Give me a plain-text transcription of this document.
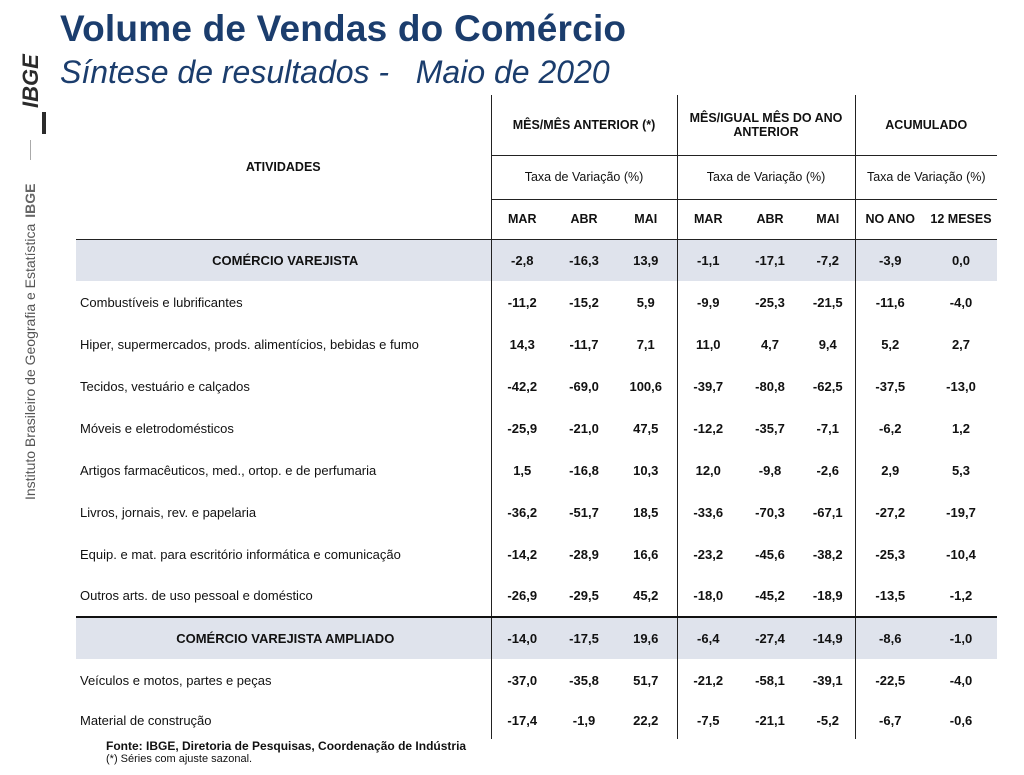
IBGE
Instituto Brasileiro de Geografia e EstatísticaIBGE
Volume de Vendas do Comércio
Síntese de resultados -   Maio de 2020
ATIVIDADES	MÊS/MÊS ANTERIOR (*)			MÊS/IGUAL MÊS DO ANO ANTERIOR			ACUMULADO	
	Taxa de Variação (%)			Taxa de Variação (%)			Taxa de Variação (%)	
	MAR	ABR	MAI	MAR	ABR	MAI	NO ANO	12 MESES
COMÉRCIO VAREJISTA	-2,8	-16,3	13,9	-1,1	-17,1	-7,2	-3,9	0,0
Combustíveis e lubrificantes	-11,2	-15,2	5,9	-9,9	-25,3	-21,5	-11,6	-4,0
Hiper, supermercados, prods. alimentícios, bebidas e fumo	14,3	-11,7	7,1	11,0	4,7	9,4	5,2	2,7
Tecidos, vestuário e calçados	-42,2	-69,0	100,6	-39,7	-80,8	-62,5	-37,5	-13,0
Móveis e eletrodomésticos	-25,9	-21,0	47,5	-12,2	-35,7	-7,1	-6,2	1,2
Artigos farmacêuticos, med., ortop. e de perfumaria	1,5	-16,8	10,3	12,0	-9,8	-2,6	2,9	5,3
Livros, jornais, rev. e papelaria	-36,2	-51,7	18,5	-33,6	-70,3	-67,1	-27,2	-19,7
Equip. e mat. para escritório informática e comunicação	-14,2	-28,9	16,6	-23,2	-45,6	-38,2	-25,3	-10,4
Outros arts. de uso pessoal e doméstico	-26,9	-29,5	45,2	-18,0	-45,2	-18,9	-13,5	-1,2
COMÉRCIO VAREJISTA AMPLIADO	-14,0	-17,5	19,6	-6,4	-27,4	-14,9	-8,6	-1,0
Veículos e motos, partes e peças	-37,0	-35,8	51,7	-21,2	-58,1	-39,1	-22,5	-4,0
Material de construção	-17,4	-1,9	22,2	-7,5	-21,1	-5,2	-6,7	-0,6
Fonte: IBGE, Diretoria de Pesquisas, Coordenação de Indústria
(*) Séries com ajuste sazonal.
